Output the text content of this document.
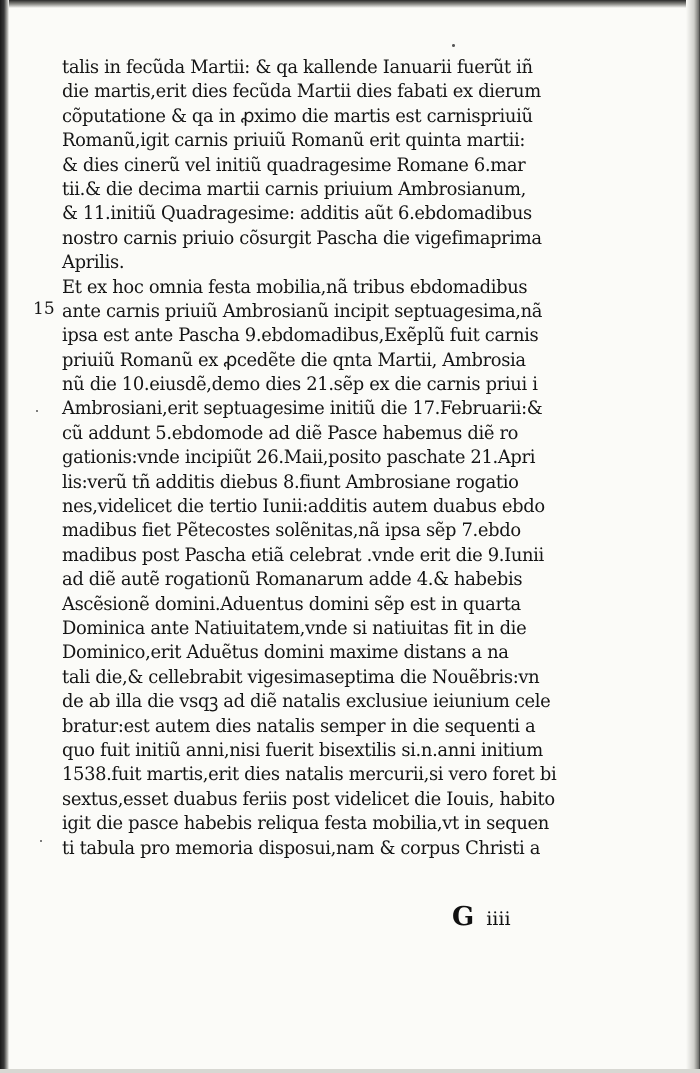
15
talis in fecũda Martii: & qa kallende Ianuarii fuerũt iñ
die martis,erit dies fecũda Martii dies fabati ex dierum
cõputatione & qa in ꝓximo die martis est carnispriuiũ
Romanũ,igit carnis priuiũ Romanũ erit quinta martii:
& dies cinerũ vel initiũ quadragesime Romane 6.mar
tii.& die decima martii carnis priuium Ambrosianum,
& 11.initiũ Quadragesime: additis aũt 6.ebdomadibus
nostro carnis priuio cõsurgit Pascha die vigefimaprima
Aprilis.
Et ex hoc omnia festa mobilia,nã tribus ebdomadibus
ante carnis priuiũ Ambrosianũ incipit septuagesima,nã
ipsa est ante Pascha 9.ebdomadibus,Exẽplũ fuit carnis
priuiũ Romanũ ex ꝓcedẽte die qnta Martii, Ambrosia
nũ die 10.eiusdẽ,demo dies 21.sẽp ex die carnis priui i
Ambrosiani,erit septuagesime initiũ die 17.Februarii:&
cũ addunt 5.ebdomode ad diẽ Pasce habemus diẽ ro
gationis:vnde incipiũt 26.Maii,posito paschate 21.Apri
lis:verũ tñ additis diebus 8.fiunt Ambrosiane rogatio
nes,videlicet die tertio Iunii:additis autem duabus ebdo
madibus fiet Pẽtecostes solẽnitas,nã ipsa sẽp 7.ebdo
madibus post Pascha etiã celebrat .vnde erit die 9.Iunii
ad diẽ autẽ rogationũ Romanarum adde 4.& habebis
Ascẽsionẽ domini.Aduentus domini sẽp est in quarta
Dominica ante Natiuitatem,vnde si natiuitas fit in die
Dominico,erit Aduẽtus domini maxime distans a na
tali die,& cellebrabit vigesimaseptima die Nouẽbris:vn
de ab illa die vsqꝫ ad diẽ natalis exclusiue ieiunium cele
bratur:est autem dies natalis semper in die sequenti a
quo fuit initiũ anni,nisi fuerit bisextilis si.n.anni initium
1538.fuit martis,erit dies natalis mercurii,si vero foret bi
sextus,esset duabus feriis post videlicet die Iouis, habito
igit die pasce habebis reliqua festa mobilia,vt in sequen
ti tabula pro memoria disposui,nam & corpus Christi a
G iiii
